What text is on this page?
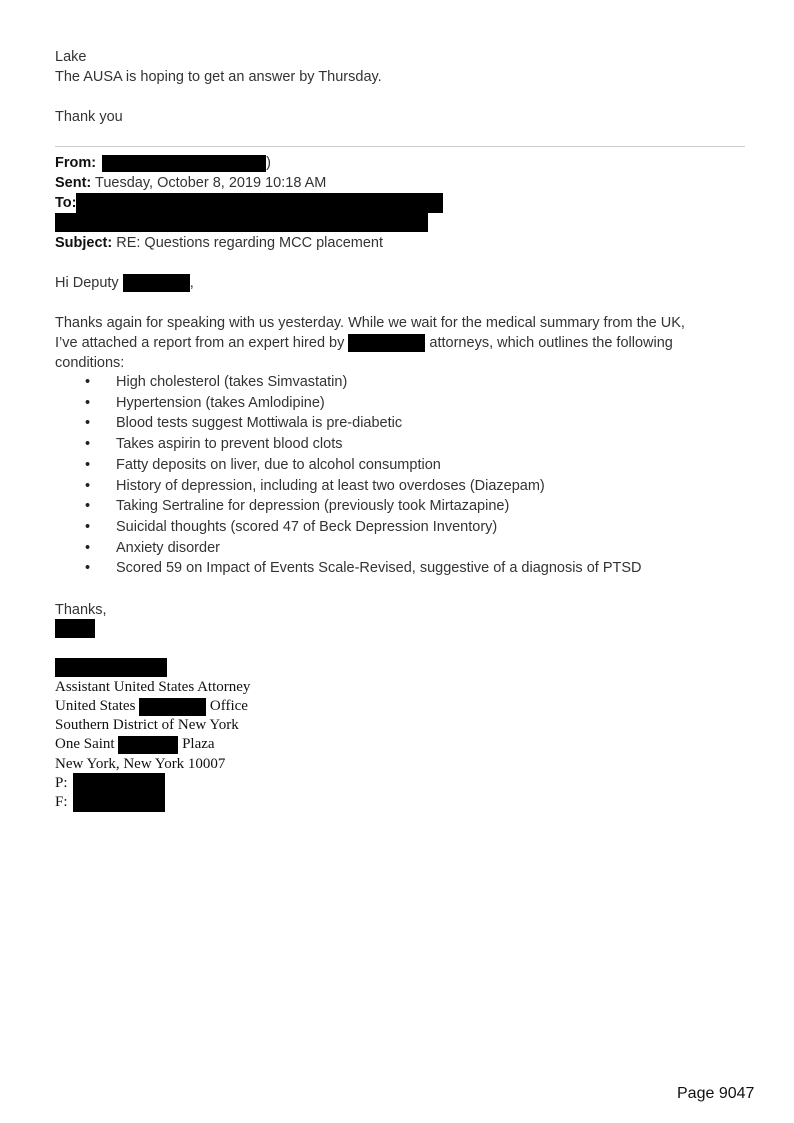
Lake
The AUSA is hoping to get an answer by Thursday.
Thank you
From:	)
Sent: Tuesday, October 8, 2019 10:18 AM
To:
Subject: RE: Questions regarding MCC placement
Hi Deputy	,
Thanks again for speaking with us yesterday. While we wait for the medical summary from the UK,
I’ve attached a report from an expert hired by	attorneys, which outlines the following
conditions:
• High cholesterol (takes Simvastatin)
• Hypertension (takes Amlodipine)
• Blood tests suggest Mottiwala is pre-diabetic
• Takes aspirin to prevent blood clots
• Fatty deposits on liver, due to alcohol consumption
• History of depression, including at least two overdoses (Diazepam)
• Taking Sertraline for depression (previously took Mirtazapine)
• Suicidal thoughts (scored 47 of Beck Depression Inventory)
• Anxiety disorder
• Scored 59 on Impact of Events Scale-Revised, suggestive of a diagnosis of PTSD
Thanks,
Assistant United States Attorney
United States	Office
Southern District of New York
One Saint	Plaza
New York, New York 10007
P:
F:
Page 9047
